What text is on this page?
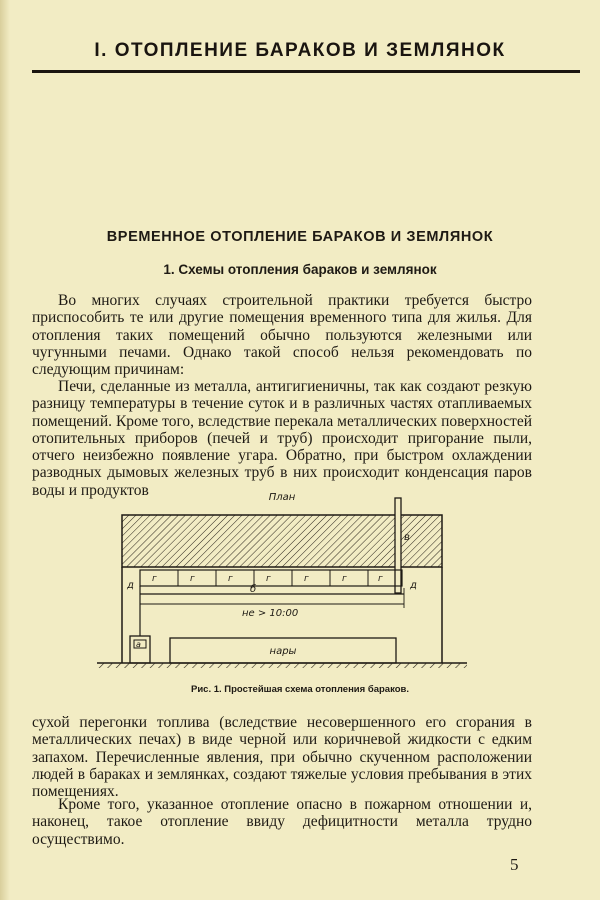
I. ОТОПЛЕНИЕ БАРАКОВ И ЗЕМЛЯНОК
ВРЕМЕННОЕ ОТОПЛЕНИЕ БАРАКОВ И ЗЕМЛЯНОК
1. Схемы отопления бараков и землянок

Во многих случаях строительной практики требуется быстро приспособить те или другие помещения временного типа для жилья. Для отопления таких помещений обычно пользуются железными или чугунными печами. Однако такой способ нельзя рекомендовать по следующим причинам:

Печи, сделанные из металла, антигигиеничны, так как создают резкую разницу температуры в течение суток и в различных частях отапливаемых помещений. Кроме того, вследствие перекала металлических поверхностей отопительных приборов (печей и труб) происходит пригорание пыли, отчего неизбежно появление угара. Обратно, при быстром охлаждении разводных дымовых железных труб в них происходит конденсация паров воды и продуктов	План
в
г	г	г	г	г	г	г
д	д
б
не > 10:00
а
нары
Рис. 1. Простейшая схема отопления бараков.

сухой перегонки топлива (вследствие несовершенного его сгорания в металлических печах) в виде черной или коричневой жидкости с едким запахом. Перечисленные явления, при обычно скученном расположении людей в бараках и землянках, создают тяжелые условия пребывания в этих помещениях.

Кроме того, указанное отопление опасно в пожарном отношении и, наконец, такое отопление ввиду дефицитности металла трудно осуществимо.

5
